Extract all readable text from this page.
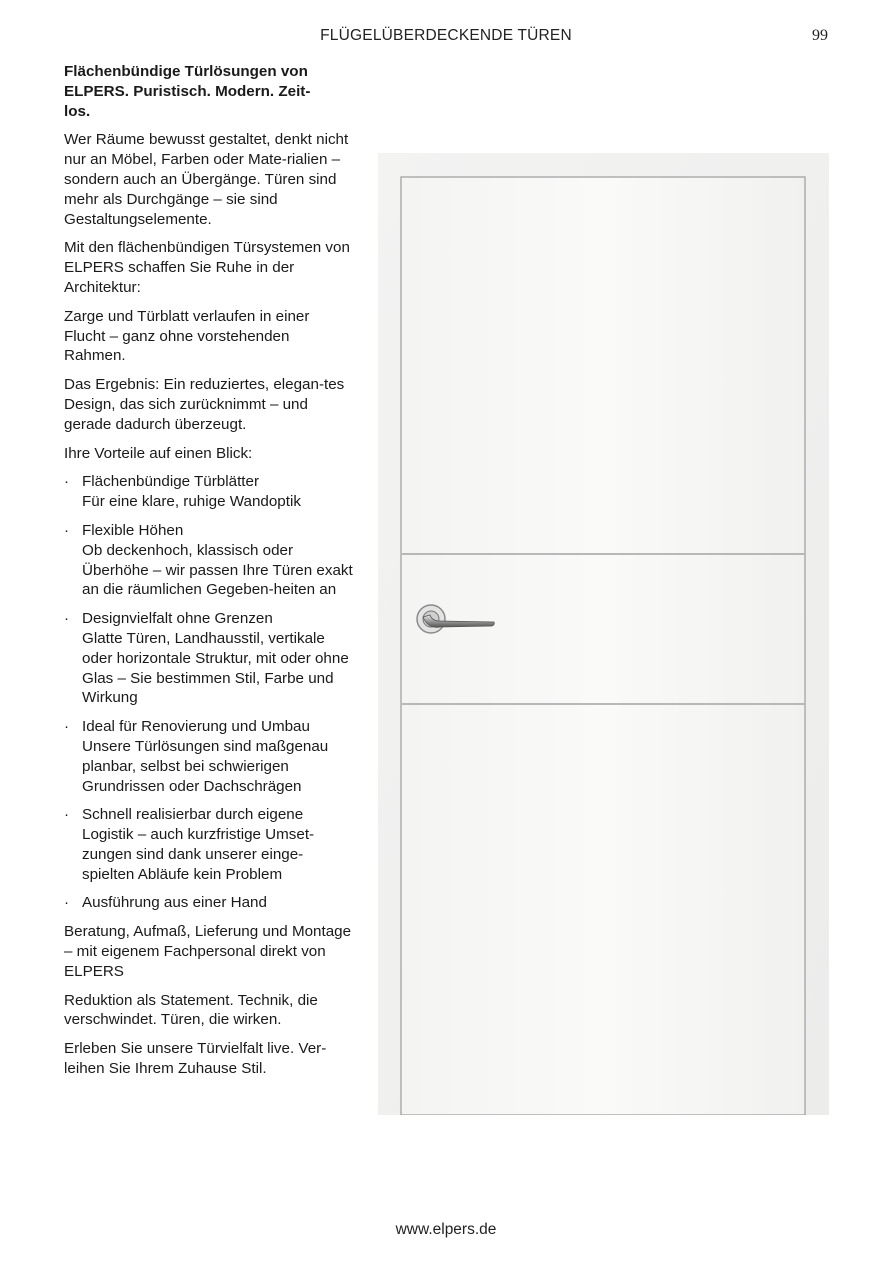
FLÜGELÜBERDECKENDE TÜREN	99

Flächenbündige Türlösungen von ELPERS. Puristisch. Modern. Zeit-los.

Wer Räume bewusst gestaltet, denkt nicht nur an Möbel, Farben oder Mate-rialien – sondern auch an Übergänge. Türen sind mehr als Durchgänge – sie sind Gestaltungselemente.

Mit den flächenbündigen Türsystemen von ELPERS schaffen Sie Ruhe in der Architektur:

Zarge und Türblatt verlaufen in einer Flucht – ganz ohne vorstehenden Rahmen.

Das Ergebnis: Ein reduziertes, elegan-tes Design, das sich zurücknimmt – und gerade dadurch überzeugt.

Ihre Vorteile auf einen Blick:

· Flächenbündige Türblätter
Für eine klare, ruhige Wandoptik
· Flexible Höhen
Ob deckenhoch, klassisch oder Überhöhe – wir passen Ihre Türen exakt an die räumlichen Gegeben-heiten an
· Designvielfalt ohne Grenzen
Glatte Türen, Landhausstil, vertikale oder horizontale Struktur, mit oder ohne Glas – Sie bestimmen Stil, Farbe und Wirkung
· Ideal für Renovierung und Umbau
Unsere Türlösungen sind maßgenau planbar, selbst bei schwierigen Grundrissen oder Dachschrägen
· Schnell realisierbar durch eigene Logistik – auch kurzfristige Umset-zungen sind dank unserer einge-spielten Abläufe kein Problem
· Ausführung aus einer Hand

Beratung, Aufmaß, Lieferung und Montage – mit eigenem Fachpersonal direkt von ELPERS

Reduktion als Statement. Technik, die verschwindet. Türen, die wirken.

Erleben Sie unsere Türvielfalt live. Ver-leihen Sie Ihrem Zuhause Stil.

www.elpers.de
